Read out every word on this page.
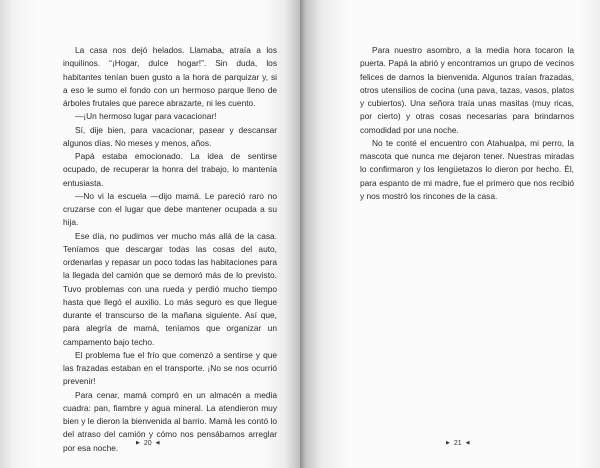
La casa nos dejó helados. Llamaba, atraía a los inquilinos. “¡Hogar, dulce hogar!”. Sin duda, los habitantes tenían buen gusto a la hora de parquizar y, si a eso le sumo el fondo con un hermoso parque lleno de árboles frutales que parece abrazarte, ni les cuento.

—¡Un hermoso lugar para vacacionar!

Sí, dije bien, para vacacionar, pasear y descansar algunos días. No meses y menos, años.

Papá estaba emocionado. La idea de sentirse ocupado, de recuperar la honra del trabajo, lo mantenía entusiasta.

—No vi la escuela —dijo mamá. Le pareció raro no cruzarse con el lugar que debe mantener ocupada a su hija.

Ese día, no pudimos ver mucho más allá de la casa. Teníamos que descargar todas las cosas del auto, ordenarlas y repasar un poco todas las habitaciones para la llegada del camión que se demoró más de lo previsto. Tuvo problemas con una rueda y perdió mucho tiempo hasta que llegó el auxilio. Lo más seguro es que llegue durante el transcurso de la mañana siguiente. Así que, para alegría de mamá, teníamos que organizar un campamento bajo techo.

El problema fue el frío que comenzó a sentirse y que las frazadas estaban en el transporte. ¡No se nos ocurrió prevenir!

Para cenar, mamá compró en un almacén a media cuadra: pan, fiambre y agua mineral. La atendieron muy bien y le dieron la bienvenida al barrio. Mamá les contó lo del atraso del camión y cómo nos pensábamos arreglar por esa noche.	▶ 20 ◀

Para nuestro asombro, a la media hora tocaron la puerta. Papá la abrió y encontramos un grupo de vecinos felices de darnos la bienvenida. Algunos traían frazadas, otros utensilios de cocina (una pava, tazas, vasos, platos y cubiertos). Una señora traía unas masitas (muy ricas, por cierto) y otras cosas necesarias para brindarnos comodidad por una noche.

No te conté el encuentro con Atahualpa, mi perro, la mascota que nunca me dejaron tener. Nuestras miradas lo confirmaron y los lengüetazos lo dieron por hecho. Él, para espanto de mi madre, fue el primero que nos recibió y nos mostró los rincones de la casa.

▶ 21 ◀
